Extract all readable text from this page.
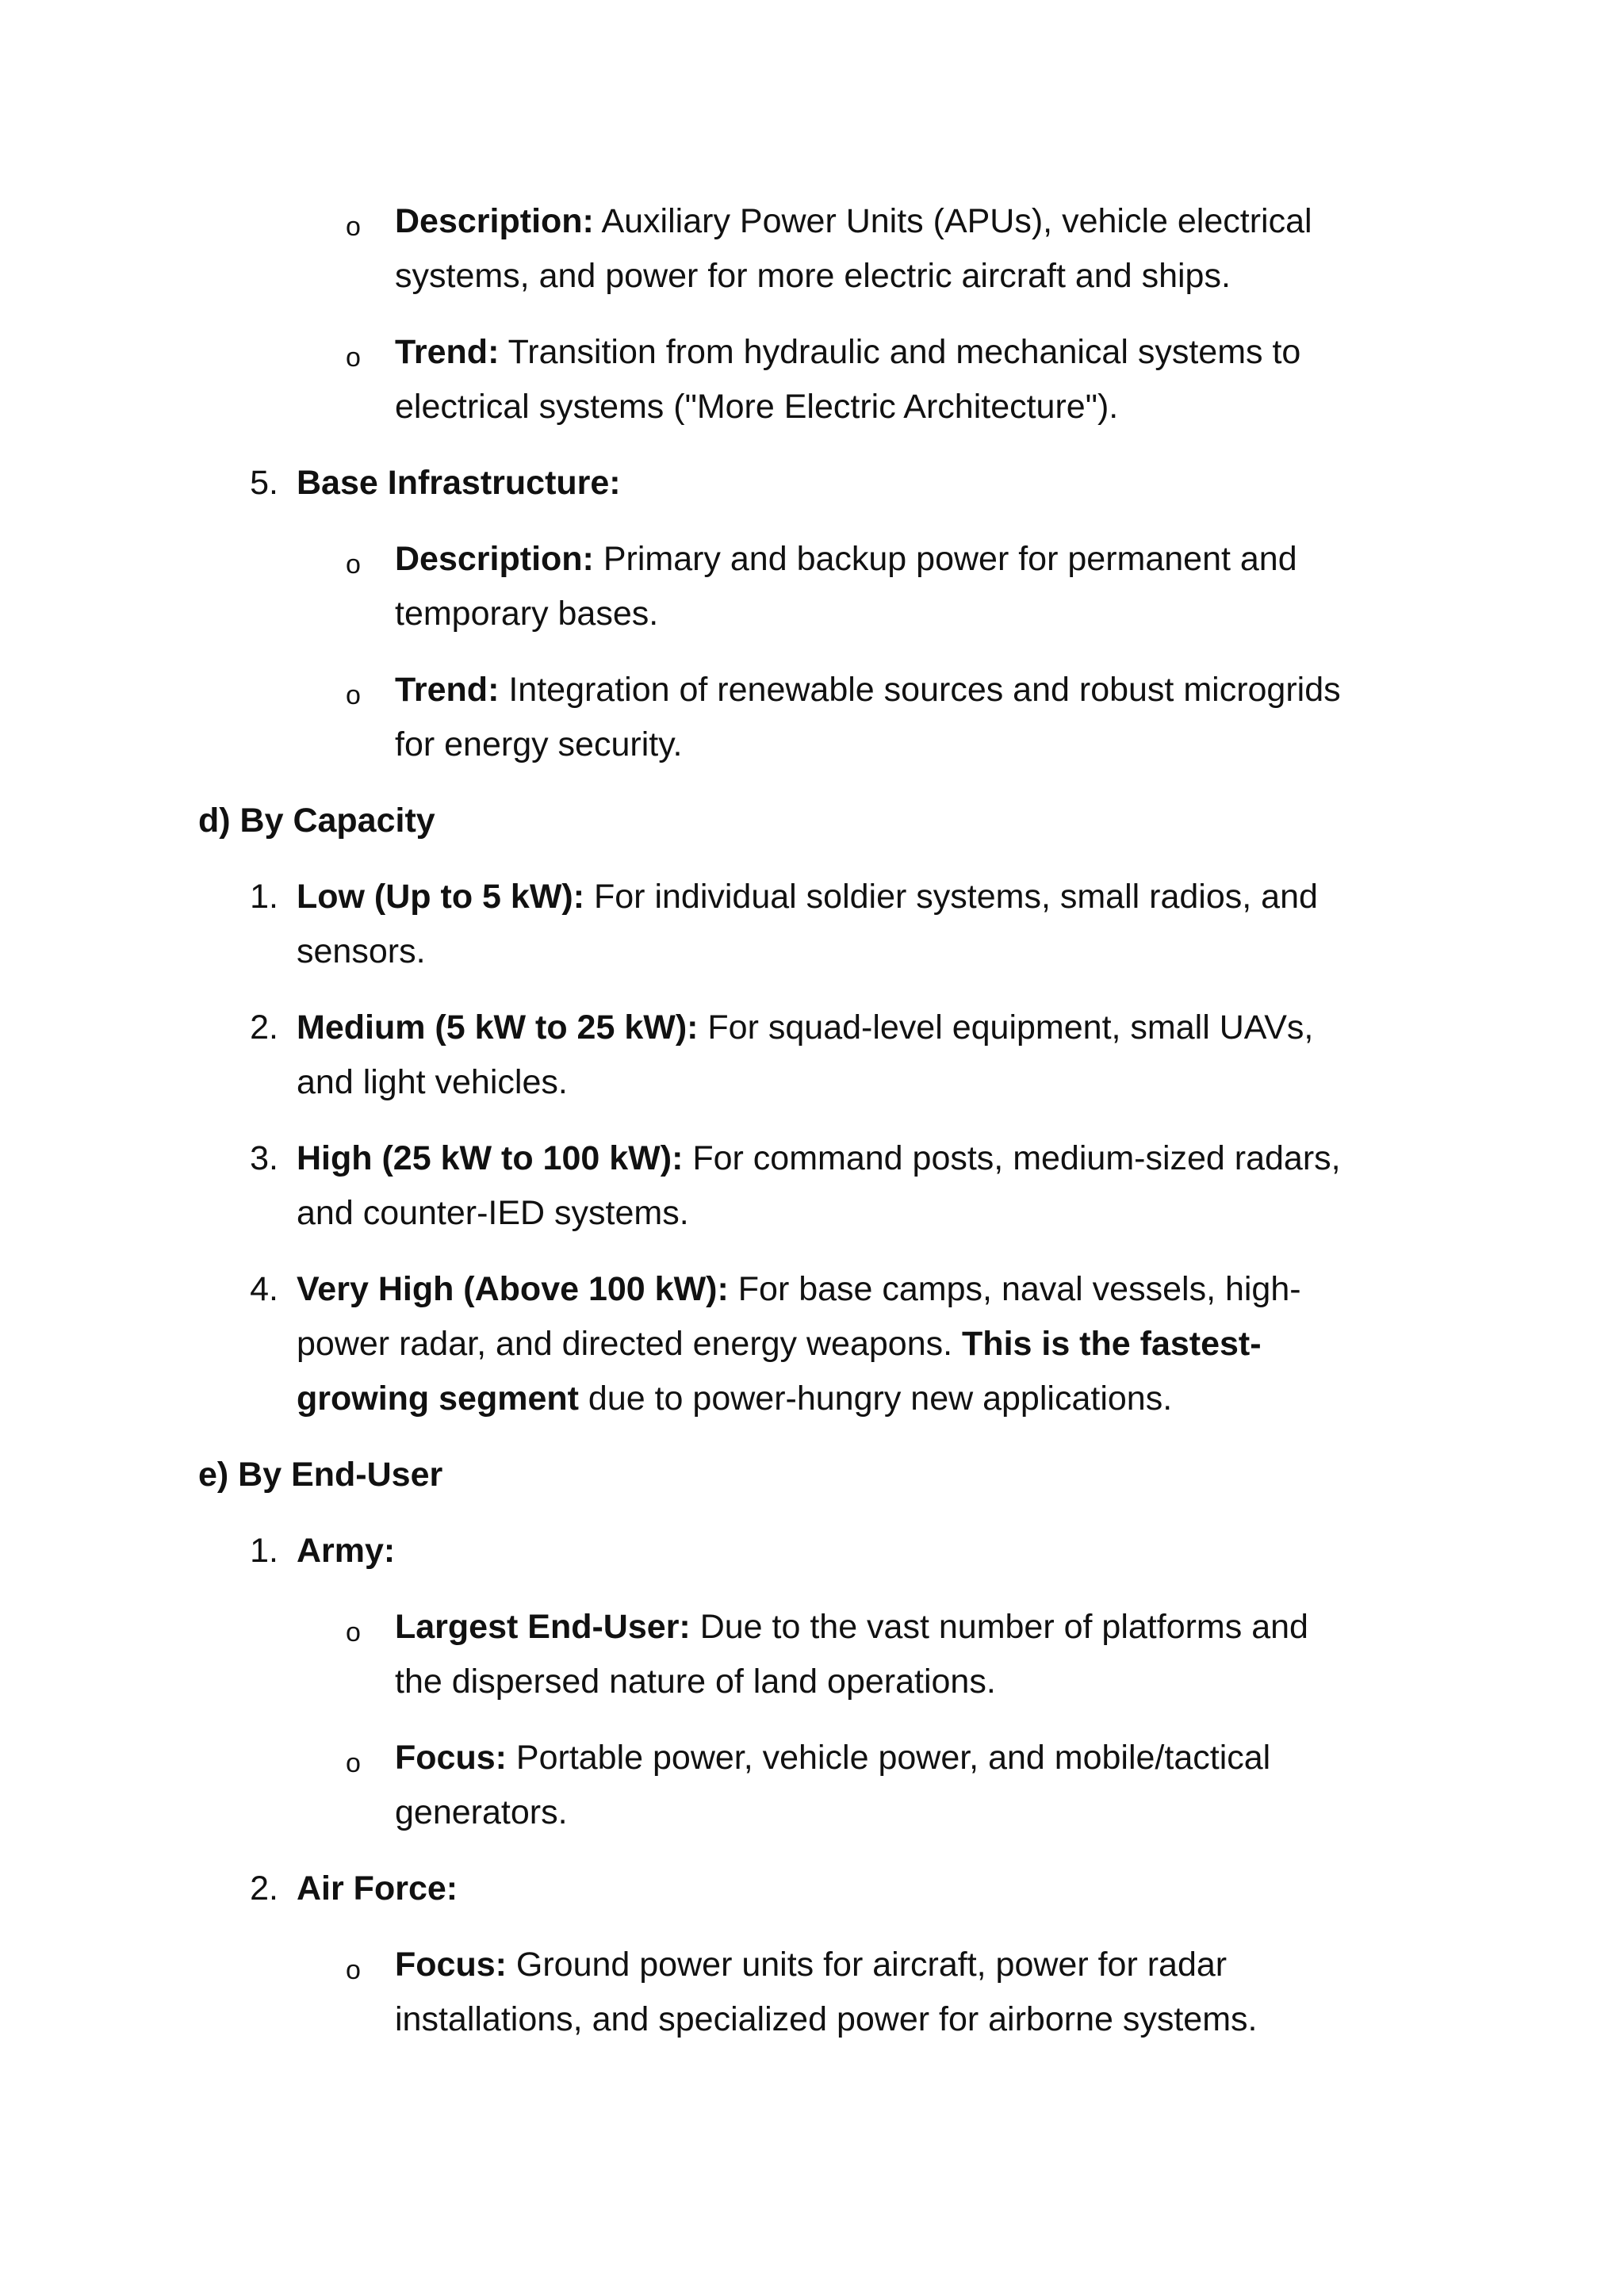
o Description: Auxiliary Power Units (APUs), vehicle electrical
systems, and power for more electric aircraft and ships.
o Trend: Transition from hydraulic and mechanical systems to
electrical systems ("More Electric Architecture").
5. Base Infrastructure:
o Description: Primary and backup power for permanent and
temporary bases.
o Trend: Integration of renewable sources and robust microgrids
for energy security.
d) By Capacity
1. Low (Up to 5 kW): For individual soldier systems, small radios, and
sensors.
2. Medium (5 kW to 25 kW): For squad-level equipment, small UAVs,
and light vehicles.
3. High (25 kW to 100 kW): For command posts, medium-sized radars,
and counter-IED systems.
4. Very High (Above 100 kW): For base camps, naval vessels, high-
power radar, and directed energy weapons. This is the fastest-
growing segment due to power-hungry new applications.
e) By End-User
1. Army:
o Largest End-User: Due to the vast number of platforms and
the dispersed nature of land operations.
o Focus: Portable power, vehicle power, and mobile/tactical
generators.
2. Air Force:
o Focus: Ground power units for aircraft, power for radar
installations, and specialized power for airborne systems.
